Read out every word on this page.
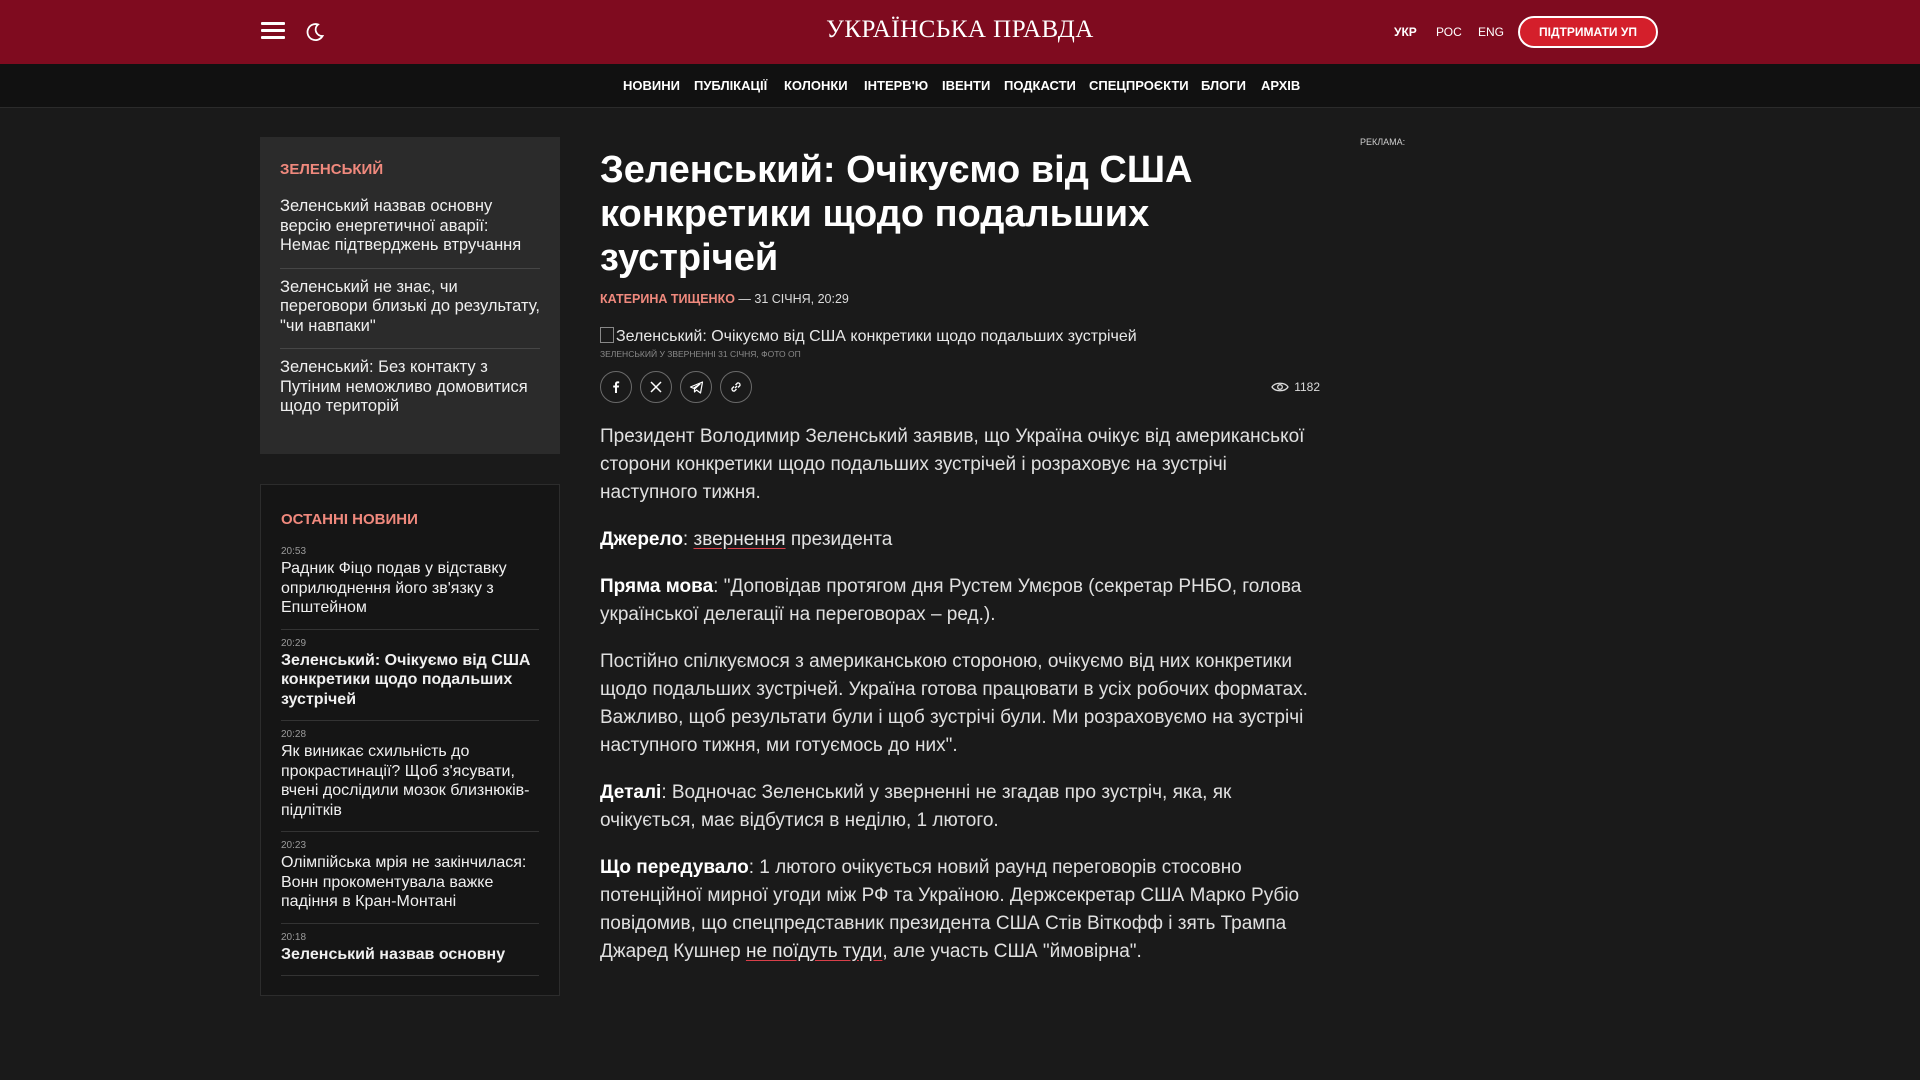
УКРАЇНСЬКА ПРАВДА	УКР РОС ENG	ПІДТРИМАТИ УП
НОВИНИ ПУБЛІКАЦІЇ КОЛОНКИ ІНТЕРВ'Ю ІВЕНТИ ПОДКАСТИ СПЕЦПРОЄКТИ БЛОГИ АРХІВ
ЗЕЛЕНСЬКИЙ
Зеленський назвав основну версію енергетичної аварії: Немає підтверджень втручання
Зеленський не знає, чи переговори близькі до результату, "чи навпаки"
Зеленський: Без контакту з Путіним неможливо домовитися щодо територій
ОСТАННІ НОВИНИ
20:53
Радник Фіцо подав у відставку оприлюднення його зв'язку з Епштейном
20:29
Зеленський: Очікуємо від США конкретики щодо подальших зустрічей
20:28
Як виникає схильність до прокрастинації? Щоб з'ясувати, вчені дослідили мозок близнюків-підлітків
20:23
Олімпійська мрія не закінчилася: Вонн прокоментувала важке падіння в Кран-Монтані
20:18
Зеленський назвав основну
Зеленський: Очікуємо від США конкретики щодо подальших зустрічей
КАТЕРИНА ТИЩЕНКО — 31 СІЧНЯ, 20:29
Зеленський: Очікуємо від США конкретики щодо подальших зустрічей
ЗЕЛЕНСЬКИЙ У ЗВЕРНЕННІ 31 СІЧНЯ, ФОТО ОП
1182

Президент Володимир Зеленський заявив, що Україна очікує від американської сторони конкретики щодо подальших зустрічей і розраховує на зустрічі наступного тижня.

Джерело: звернення президента

Пряма мова: "Доповідав протягом дня Рустем Умєров (секретар РНБО, голова української делегації на переговорах – ред.).

Постійно спілкуємося з американською стороною, очікуємо від них конкретики щодо подальших зустрічей. Україна готова працювати в усіх робочих форматах. Важливо, щоб результати були і щоб зустрічі були. Ми розраховуємо на зустрічі наступного тижня, ми готуємось до них".

Деталі: Водночас Зеленський у зверненні не згадав про зустріч, яка, як очікується, має відбутися в неділю, 1 лютого.

Що передувало: 1 лютого очікується новий раунд переговорів стосовно потенційної мирної угоди між РФ та Україною. Держсекретар США Марко Рубіо повідомив, що спецпредставник президента США Стів Віткофф і зять Трампа Джаред Кушнер не поїдуть туди, але участь США "ймовірна".

РЕКЛАМА:
